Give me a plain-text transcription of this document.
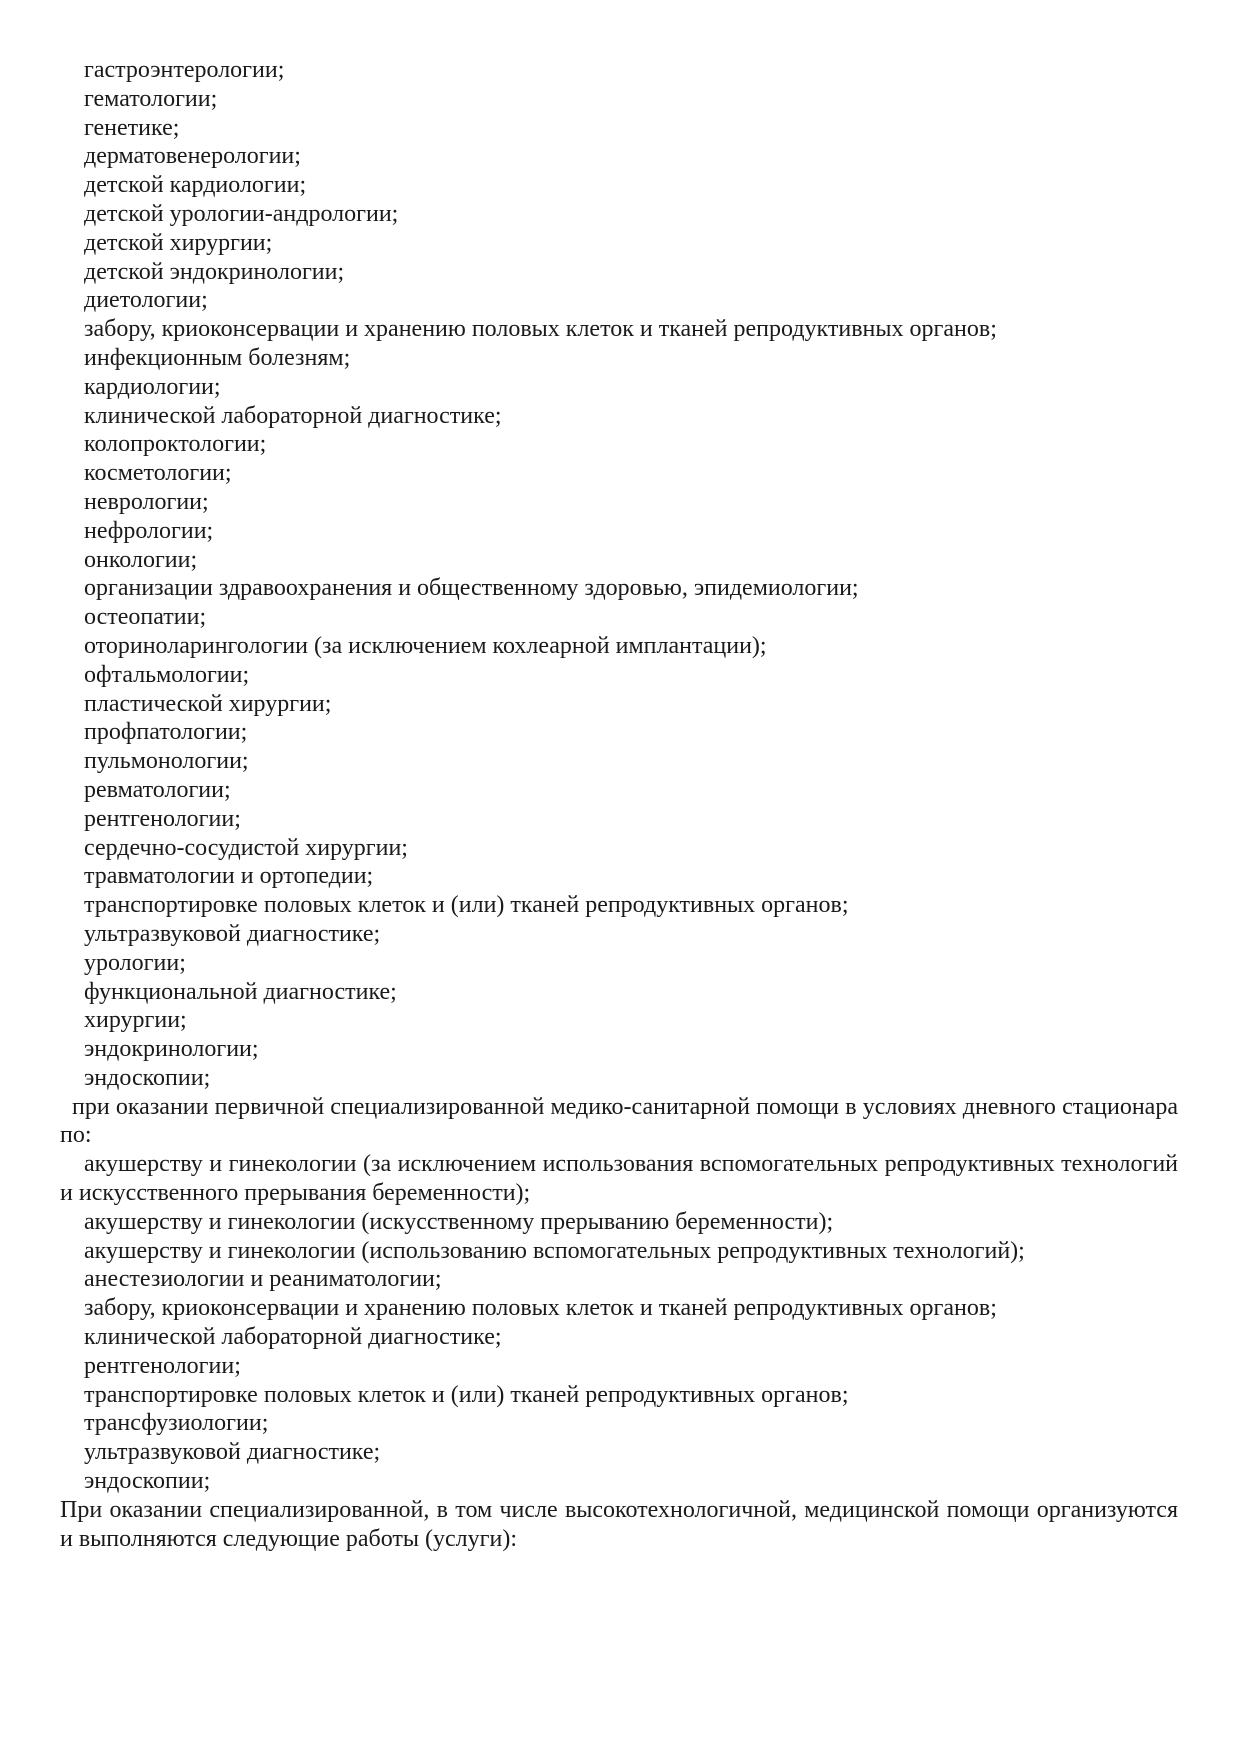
гастроэнтерологии;

гематологии;

генетике;

дерматовенерологии;

детской кардиологии;

детской урологии-андрологии;

детской хирургии;

детской эндокринологии;

диетологии;

забору, криоконсервации и хранению половых клеток и тканей репродуктивных органов;

инфекционным болезням;

кардиологии;

клинической лабораторной диагностике;

колопроктологии;

косметологии;

неврологии;

нефрологии;

онкологии;

организации здравоохранения и общественному здоровью, эпидемиологии;

остеопатии;

оториноларингологии (за исключением кохлеарной имплантации);

офтальмологии;

пластической хирургии;

профпатологии;

пульмонологии;

ревматологии;

рентгенологии;

сердечно-сосудистой хирургии;

травматологии и ортопедии;

транспортировке половых клеток и (или) тканей репродуктивных органов;

ультразвуковой диагностике;

урологии;

функциональной диагностике;

хирургии;

эндокринологии;

эндоскопии;

при оказании первичной специализированной медико-санитарной помощи в условиях дневного стационара по:

акушерству и гинекологии (за исключением использования вспомогательных репродуктивных технологий и искусственного прерывания беременности);

акушерству и гинекологии (искусственному прерыванию беременности);

акушерству и гинекологии (использованию вспомогательных репродуктивных технологий);

анестезиологии и реаниматологии;

забору, криоконсервации и хранению половых клеток и тканей репродуктивных органов;

клинической лабораторной диагностике;

рентгенологии;

транспортировке половых клеток и (или) тканей репродуктивных органов;

трансфузиологии;

ультразвуковой диагностике;

эндоскопии;

При оказании специализированной, в том числе высокотехнологичной, медицинской помощи организуются и выполняются следующие работы (услуги):
